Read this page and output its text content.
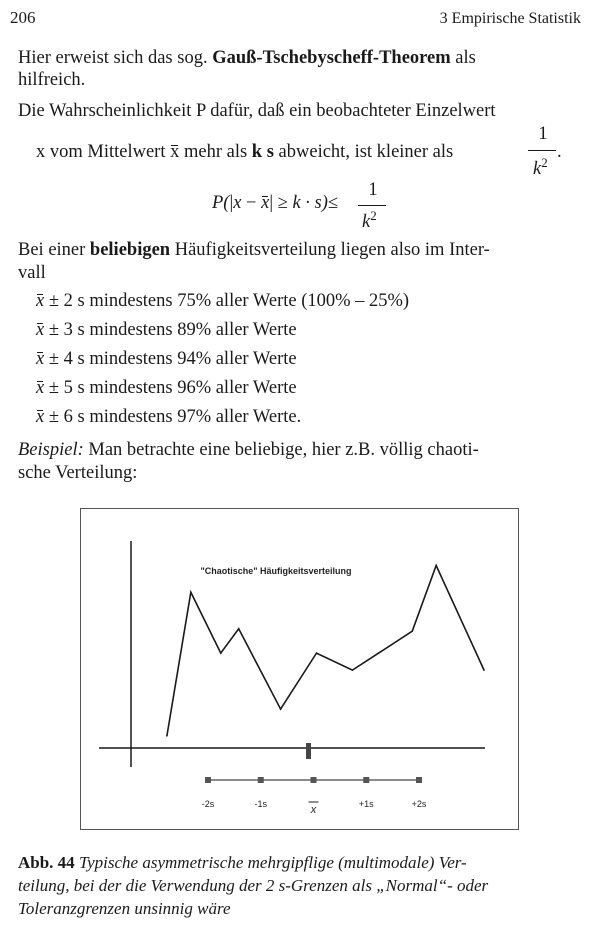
206	3 Empirische Statistik
Hier erweist sich das sog. Gauß-Tschebyscheff-Theorem als
hilfreich.
Die Wahrscheinlichkeit P dafür, daß ein beobachteter Einzelwert
x vom Mittelwert x mehr als k s abweicht, ist kleiner als
1
$k^2$
.
P(|x − x| ≥ k · s)≤
1
$k^2$
Bei einer beliebigen Häufigkeitsverteilung liegen also im Inter-
vall
x ± 2 s mindestens 75% aller Werte (100% – 25%)
x ± 3 s mindestens 89% aller Werte
x ± 4 s mindestens 94% aller Werte
x ± 5 s mindestens 96% aller Werte
x ± 6 s mindestens 97% aller Werte.
Beispiel: Man betrachte eine beliebige, hier z.B. völlig chaoti-
sche Verteilung:
"Chaotische" Häufigkeitsverteilung
-2s	-1s	x	+1s	+2s
Abb. 44 Typische asymmetrische mehrgipflige (multimodale) Ver-
teilung, bei der die Verwendung der 2 s-Grenzen als „Normal“- oder
Toleranzgrenzen unsinnig wäre
